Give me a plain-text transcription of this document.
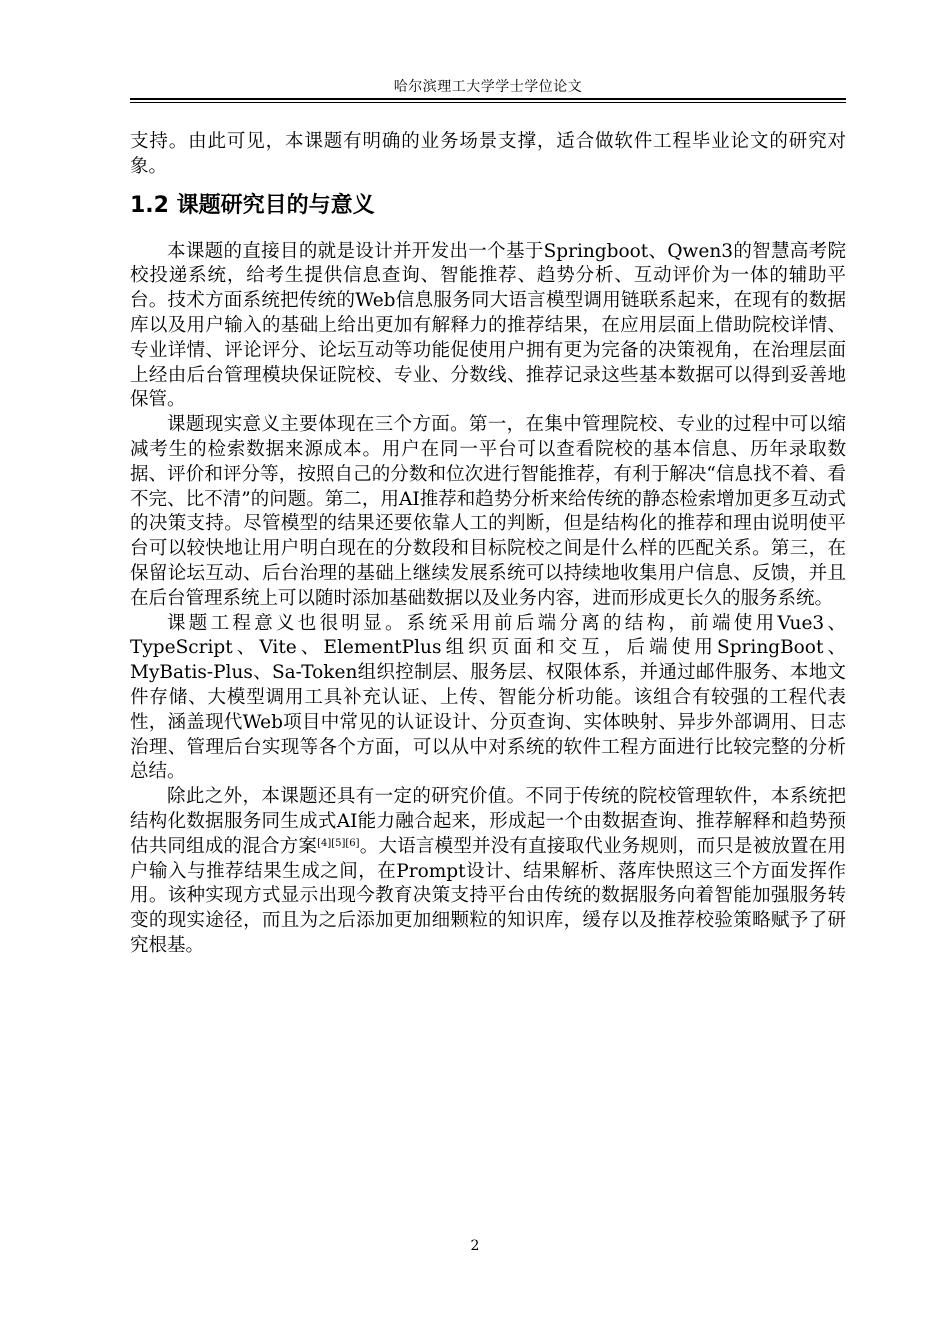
哈尔滨理工大学学士学位论文

支持。由此可见，本课题有明确的业务场景支撑，适合做软件工程毕业论文的研究对象。

1.2 课题研究目的与意义

本课题的直接目的就是设计并开发出一个基于Springboot、Qwen3的智慧高考院校投递系统，给考生提供信息查询、智能推荐、趋势分析、互动评价为一体的辅助平台。技术方面系统把传统的Web信息服务同大语言模型调用链联系起来，在现有的数据库以及用户输入的基础上给出更加有解释力的推荐结果，在应用层面上借助院校详情、专业详情、评论评分、论坛互动等功能促使用户拥有更为完备的决策视角，在治理层面上经由后台管理模块保证院校、专业、分数线、推荐记录这些基本数据可以得到妥善地保管。

课题现实意义主要体现在三个方面。第一，在集中管理院校、专业的过程中可以缩减考生的检索数据来源成本。用户在同一平台可以查看院校的基本信息、历年录取数据、评价和评分等，按照自己的分数和位次进行智能推荐，有利于解决“信息找不着、看不完、比不清”的问题。第二，用AI推荐和趋势分析来给传统的静态检索增加更多互动式的决策支持。尽管模型的结果还要依靠人工的判断，但是结构化的推荐和理由说明使平台可以较快地让用户明白现在的分数段和目标院校之间是什么样的匹配关系。第三，在保留论坛互动、后台治理的基础上继续发展系统可以持续地收集用户信息、反馈，并且在后台管理系统上可以随时添加基础数据以及业务内容，进而形成更长久的服务系统。

课题工程意义也很明显。系统采用前后端分离的结构，前端使用Vue3、TypeScript、Vite、ElementPlus组织页面和交互，后端使用SpringBoot、MyBatis-Plus、Sa-Token组织控制层、服务层、权限体系，并通过邮件服务、本地文件存储、大模型调用工具补充认证、上传、智能分析功能。该组合有较强的工程代表性，涵盖现代Web项目中常见的认证设计、分页查询、实体映射、异步外部调用、日志治理、管理后台实现等各个方面，可以从中对系统的软件工程方面进行比较完整的分析总结。

除此之外，本课题还具有一定的研究价值。不同于传统的院校管理软件，本系统把结构化数据服务同生成式AI能力融合起来，形成起一个由数据查询、推荐解释和趋势预估共同组成的混合方案[4][5][6]。大语言模型并没有直接取代业务规则，而只是被放置在用户输入与推荐结果生成之间，在Prompt设计、结果解析、落库快照这三个方面发挥作用。该种实现方式显示出现今教育决策支持平台由传统的数据服务向着智能加强服务转变的现实途径，而且为之后添加更加细颗粒的知识库，缓存以及推荐校验策略赋予了研究根基。

2
